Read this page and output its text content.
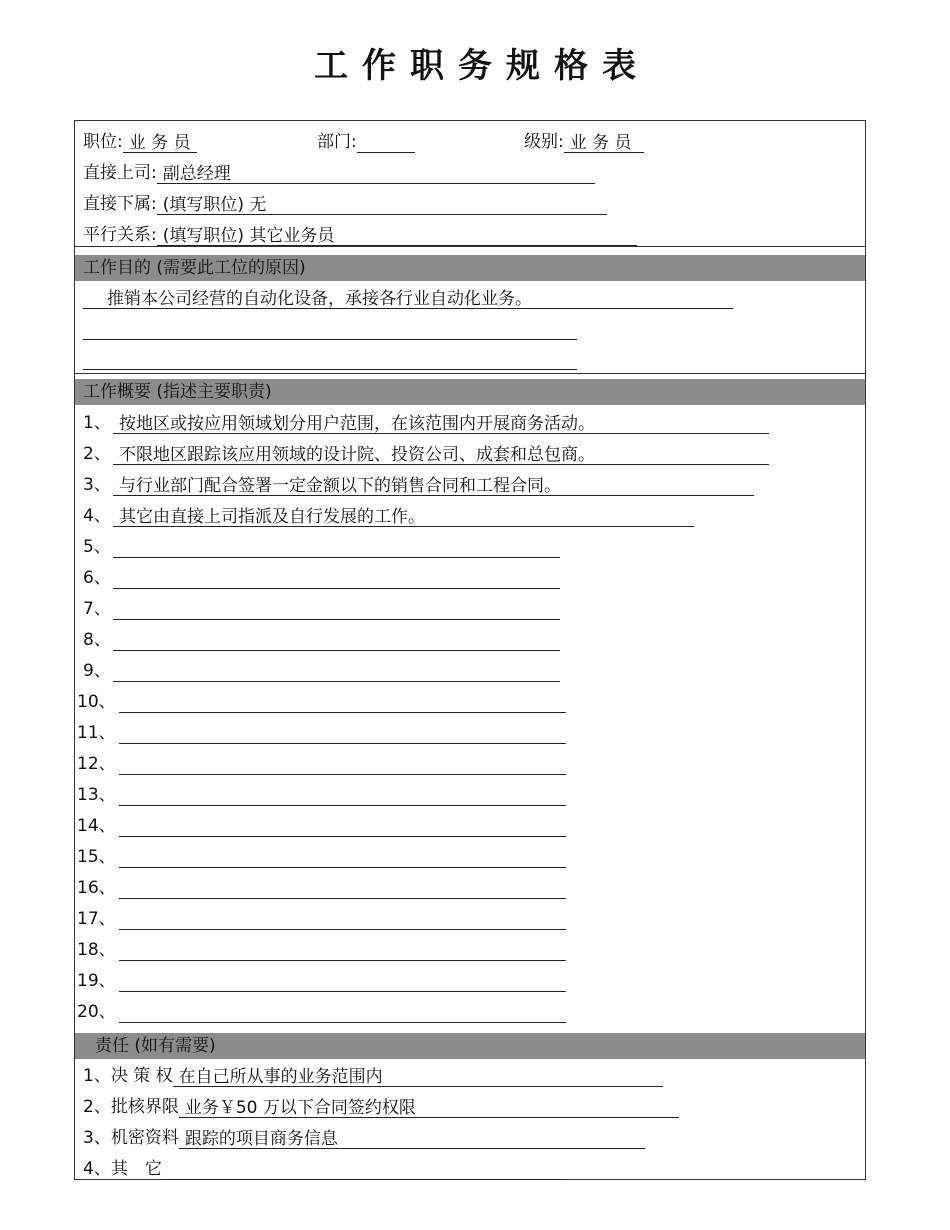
工作职务规格表
职位: 业 务 员	部门:	级别: 业 务 员
直接上司: 副总经理
直接下属: (填写职位) 无
平行关系: (填写职位) 其它业务员
工作目的 (需要此工位的原因)
推销本公司经营的自动化设备，承接各行业自动化业务。
工作概要 (指述主要职责)
1、 按地区或按应用领域划分用户范围，在该范围内开展商务活动。
2、 不限地区跟踪该应用领域的设计院、投资公司、成套和总包商。
3、 与行业部门配合签署一定金额以下的销售合同和工程合同。
4、 其它由直接上司指派及自行发展的工作。
5、
6、
7、
8、
9、
10、
11、
12、
13、
14、
15、
16、
17、
18、
19、
20、
责任 (如有需要)
1、决 策 权 在自己所从事的业务范围内
2、批核界限 业务￥50 万以下合同签约权限
3、机密资料 跟踪的项目商务信息
4、其　它
